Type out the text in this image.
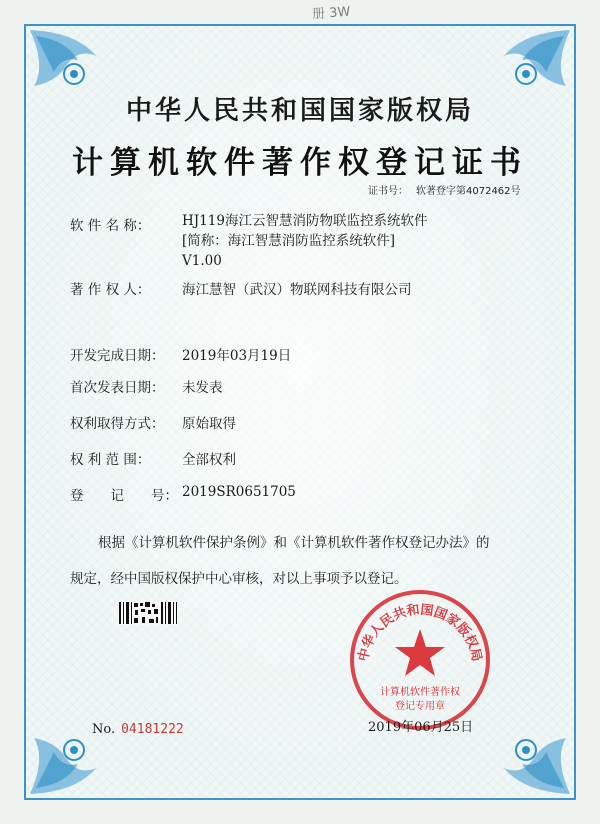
册 3W
中华人民共和国国家版权局
计算机软件著作权登记证书
证书号： 软著登字第4072462号
软 件 名 称： HJ119海江云智慧消防物联监控系统软件
[简称：海江智慧消防监控系统软件]
V1.00
著 作 权 人： 海江慧智（武汉）物联网科技有限公司
开发完成日期： 2019年03月19日
首次发表日期： 未发表
权利取得方式： 原始取得
权 利 范 围： 全部权利
登　　记　　号： 2019SR0651705
根据《计算机软件保护条例》和《计算机软件著作权登记办法》的
规定，经中国版权保护中心审核，对以上事项予以登记。
No. 04181222
中华人民共和国国家版权局
计算机软件著作权
登记专用章
2019年06月25日
